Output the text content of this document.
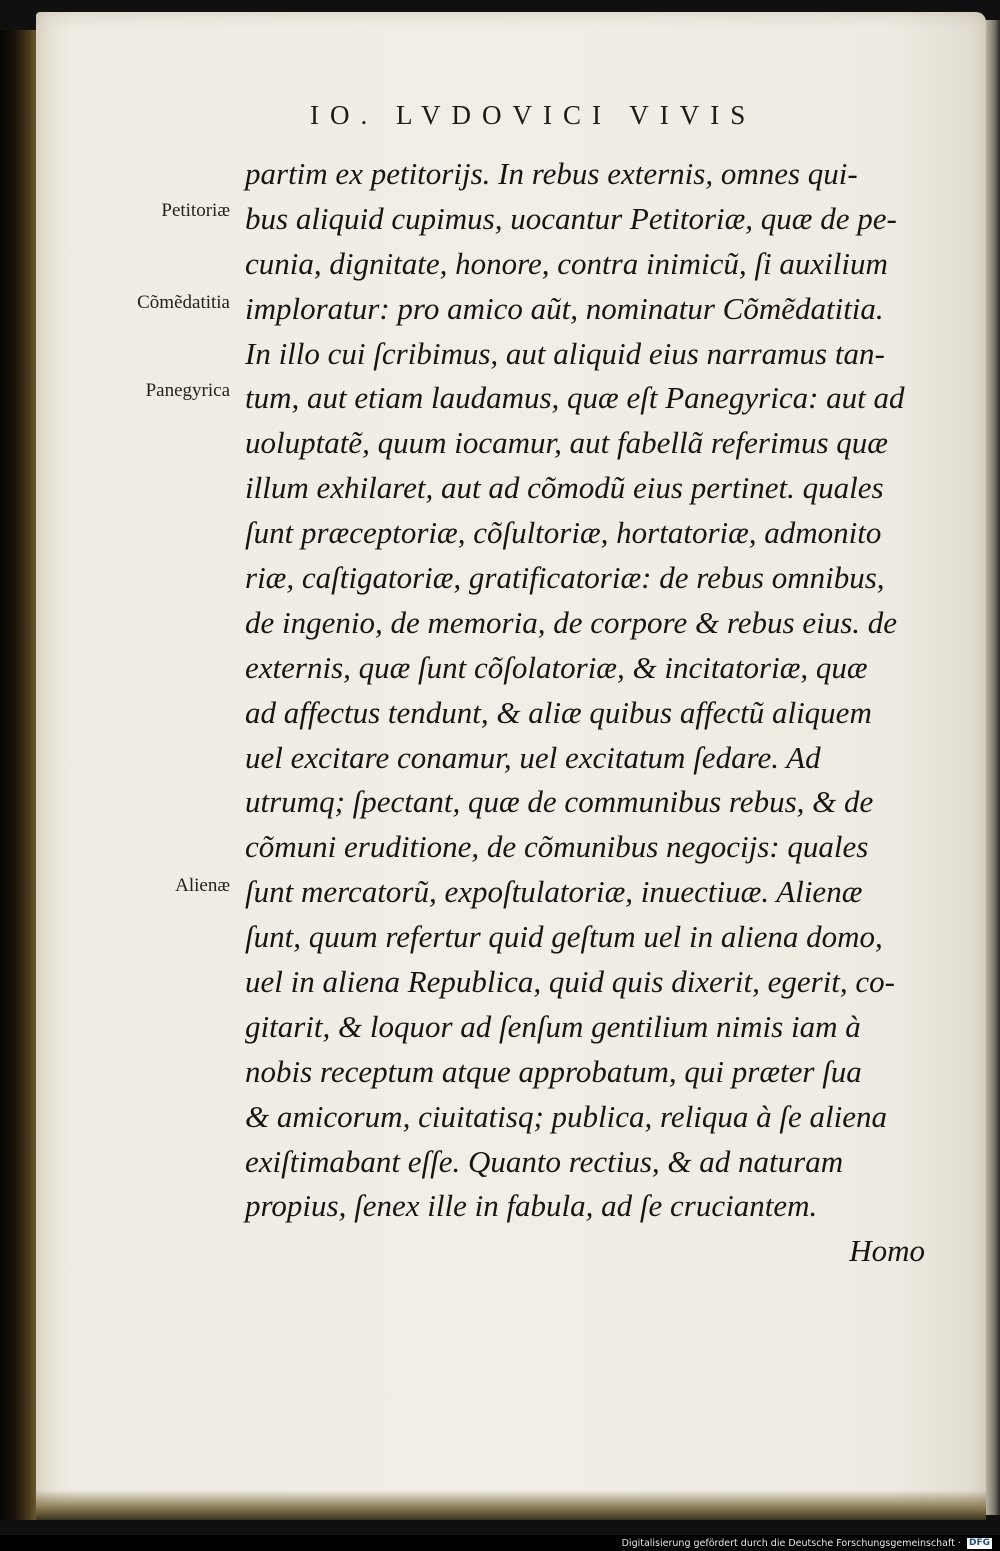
IO. LVDOVICI VIVIS
Petitoriæ
Cõmẽdatitia
Panegyrica
Alienæ
partim ex petitorijs. In rebus externis, omnes qui-
bus aliquid cupimus, uocantur Petitoriæ, quæ de pe-
cunia, dignitate, honore, contra inimicũ, ſi auxilium
imploratur: pro amico aũt, nominatur Cõmẽdatitia.
In illo cui ſcribimus, aut aliquid eius narramus tan-
tum, aut etiam laudamus, quæ eſt Panegyrica: aut ad
uoluptatẽ, quum iocamur, aut fabellã referimus quæ
illum exhilaret, aut ad cõmodũ eius pertinet. quales
ſunt præceptoriæ, cõſultoriæ, hortatoriæ, admonito
riæ, caſtigatoriæ, gratificatoriæ: de rebus omnibus,
de ingenio, de memoria, de corpore & rebus eius. de
externis, quæ ſunt cõſolatoriæ, & incitatoriæ, quæ
ad affectus tendunt, & aliæ quibus affectũ aliquem
uel excitare conamur, uel excitatum ſedare. Ad
utrumq; ſpectant, quæ de communibus rebus, & de
cõmuni eruditione, de cõmunibus negocijs: quales
ſunt mercatorũ, expoſtulatoriæ, inuectiuæ. Alienæ
ſunt, quum refertur quid geſtum uel in aliena domo,
uel in aliena Republica, quid quis dixerit, egerit, co-
gitarit, & loquor ad ſenſum gentilium nimis iam à
nobis receptum atque approbatum, qui præter ſua
& amicorum, ciuitatisq; publica, reliqua à ſe aliena
exiſtimabant eſſe. Quanto rectius, & ad naturam
propius, ſenex ille in fabula, ad ſe cruciantem.
Homo
Digitalisierung gefördert durch die Deutsche Forschungsgemeinschaft · DFG
